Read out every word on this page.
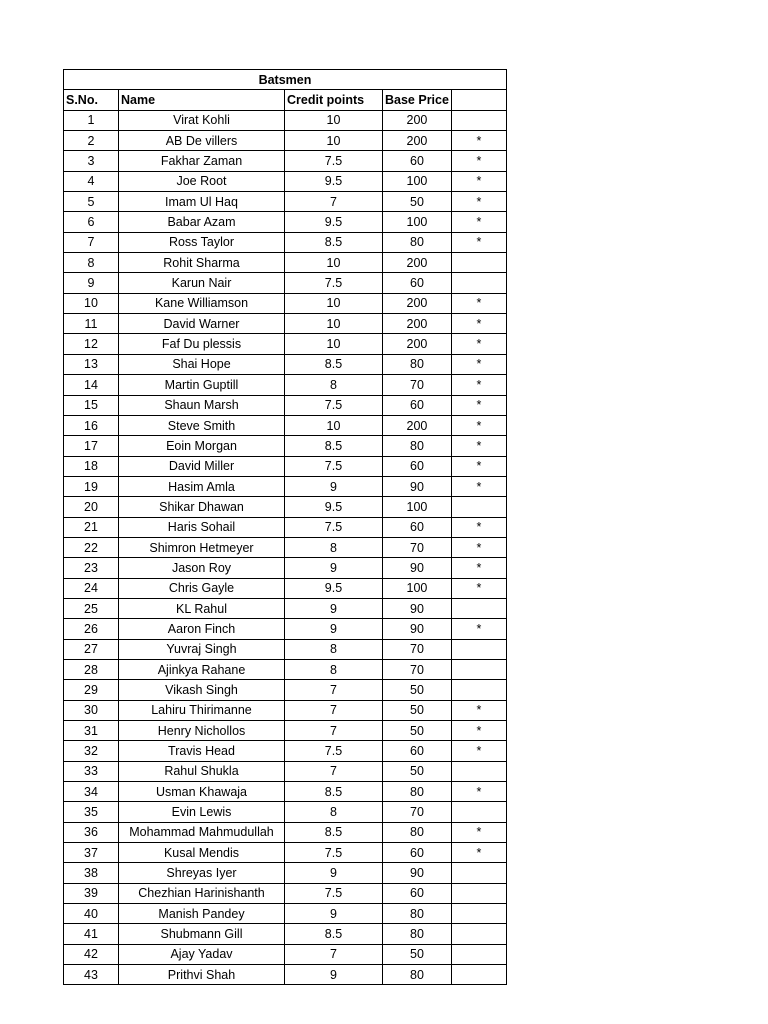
Batsmen				
S.No.	Name	Credit points	Base Price	
1	Virat Kohli	10	200	
2	AB De villers	10	200	*
3	Fakhar Zaman	7.5	60	*
4	Joe Root	9.5	100	*
5	Imam Ul Haq	7	50	*
6	Babar Azam	9.5	100	*
7	Ross Taylor	8.5	80	*
8	Rohit Sharma	10	200	
9	Karun Nair	7.5	60	
10	Kane Williamson	10	200	*
11	David Warner	10	200	*
12	Faf Du plessis	10	200	*
13	Shai Hope	8.5	80	*
14	Martin Guptill	8	70	*
15	Shaun Marsh	7.5	60	*
16	Steve Smith	10	200	*
17	Eoin Morgan	8.5	80	*
18	David Miller	7.5	60	*
19	Hasim Amla	9	90	*
20	Shikar Dhawan	9.5	100	
21	Haris Sohail	7.5	60	*
22	Shimron Hetmeyer	8	70	*
23	Jason Roy	9	90	*
24	Chris Gayle	9.5	100	*
25	KL Rahul	9	90	
26	Aaron Finch	9	90	*
27	Yuvraj Singh	8	70	
28	Ajinkya Rahane	8	70	
29	Vikash Singh	7	50	
30	Lahiru Thirimanne	7	50	*
31	Henry Nichollos	7	50	*
32	Travis Head	7.5	60	*
33	Rahul Shukla	7	50	
34	Usman Khawaja	8.5	80	*
35	Evin Lewis	8	70	
36	Mohammad Mahmudullah	8.5	80	*
37	Kusal Mendis	7.5	60	*
38	Shreyas Iyer	9	90	
39	Chezhian Harinishanth	7.5	60	
40	Manish Pandey	9	80	
41	Shubmann Gill	8.5	80	
42	Ajay Yadav	7	50	
43	Prithvi Shah	9	80	
